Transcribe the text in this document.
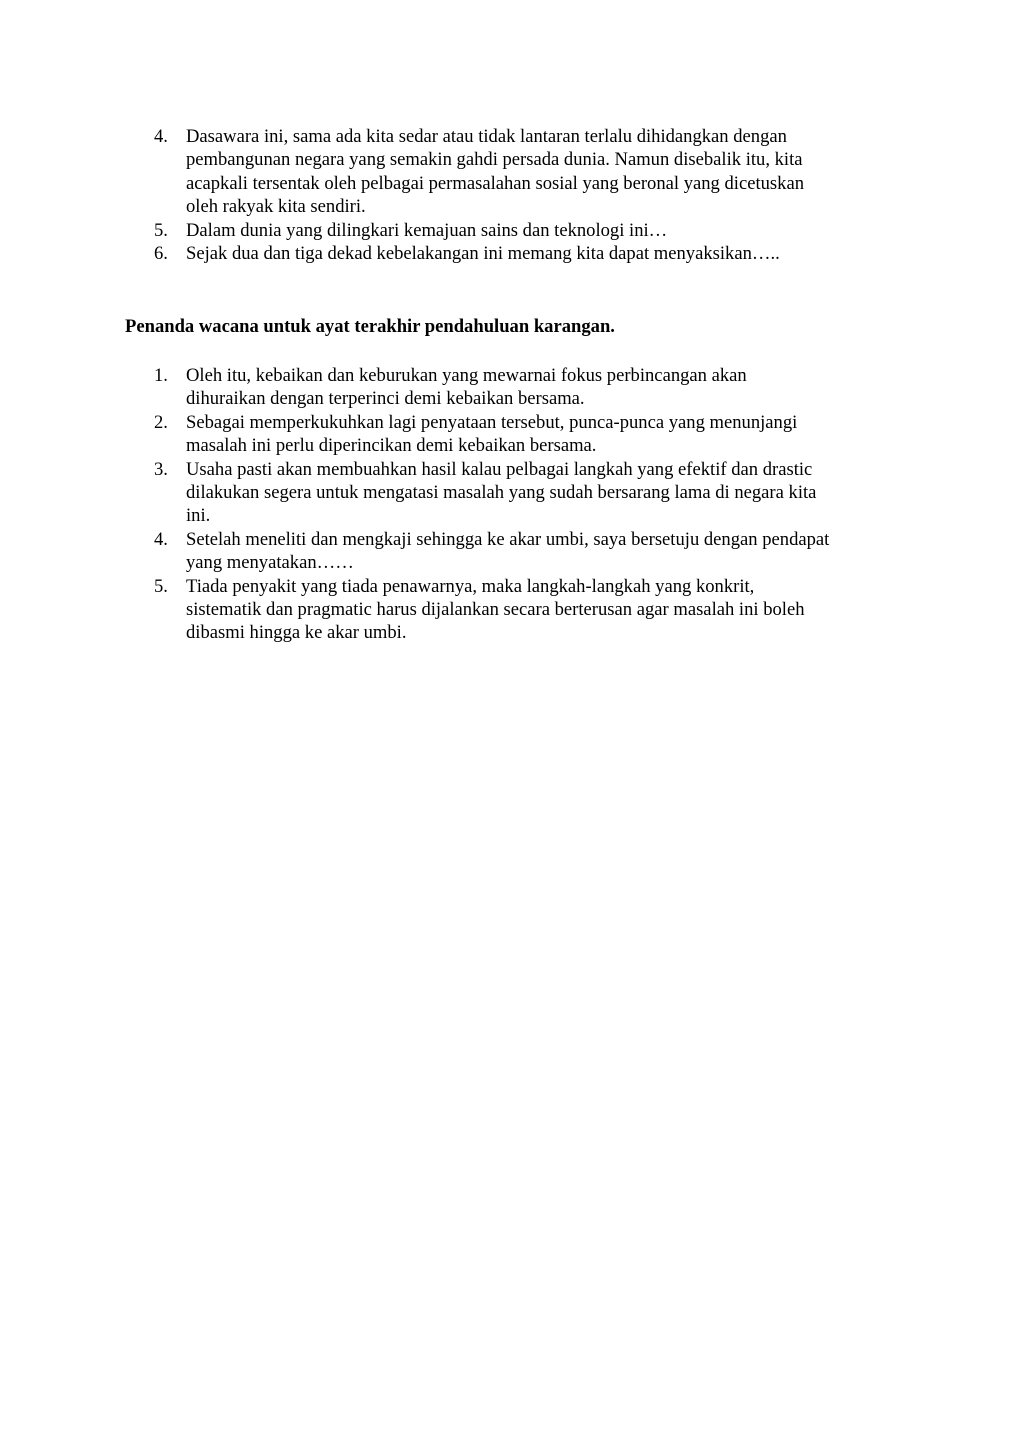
4. Dasawara ini, sama ada kita sedar atau tidak lantaran terlalu dihidangkan dengan
pembangunan negara yang semakin gahdi persada dunia. Namun disebalik itu, kita
acapkali tersentak oleh pelbagai permasalahan sosial yang beronal yang dicetuskan
oleh rakyak kita sendiri.
5. Dalam dunia yang dilingkari kemajuan sains dan teknologi ini…
6. Sejak dua dan tiga dekad kebelakangan ini memang kita dapat menyaksikan…..

Penanda wacana untuk ayat terakhir pendahuluan karangan.

1. Oleh itu, kebaikan dan keburukan yang mewarnai fokus perbincangan akan
dihuraikan dengan terperinci demi kebaikan bersama.
2. Sebagai memperkukuhkan lagi penyataan tersebut, punca-punca yang menunjangi
masalah ini perlu diperincikan demi kebaikan bersama.
3. Usaha pasti akan membuahkan hasil kalau pelbagai langkah yang efektif dan drastic
dilakukan segera untuk mengatasi masalah yang sudah bersarang lama di negara kita
ini.
4. Setelah meneliti dan mengkaji sehingga ke akar umbi, saya bersetuju dengan pendapat
yang menyatakan……
5. Tiada penyakit yang tiada penawarnya, maka langkah-langkah yang konkrit,
sistematik dan pragmatic harus dijalankan secara berterusan agar masalah ini boleh
dibasmi hingga ke akar umbi.
